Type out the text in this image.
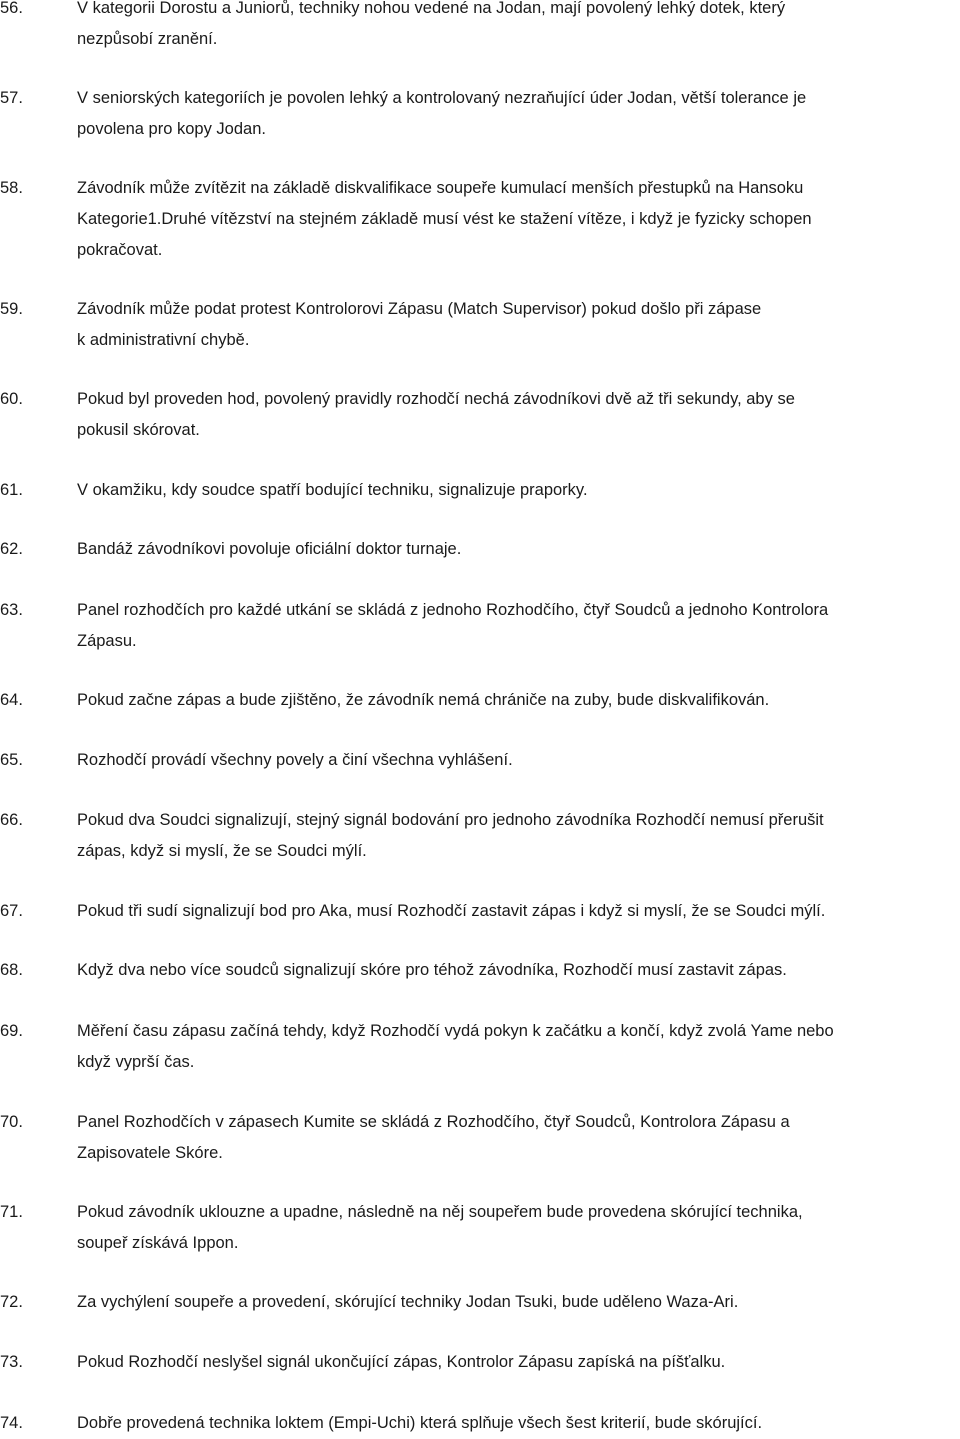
56.	V kategorii Dorostu a Juniorů, techniky nohou vedené na Jodan, mají povolený lehký dotek, který
nezpůsobí zranění.
57.	V seniorských kategoriích je povolen lehký a kontrolovaný nezraňující úder Jodan, větší tolerance je
povolena pro kopy Jodan.
58.	Závodník může zvítězit na základě diskvalifikace soupeře kumulací menších přestupků na Hansoku
Kategorie1.Druhé vítězství na stejném základě musí vést ke stažení vítěze, i když je fyzicky schopen
pokračovat.
59.	Závodník může podat protest Kontrolorovi Zápasu (Match Supervisor) pokud došlo při zápase
k administrativní chybě.
60.	Pokud byl proveden hod, povolený pravidly rozhodčí nechá závodníkovi dvě až tři sekundy, aby se
pokusil skórovat.
61.	V okamžiku, kdy soudce spatří bodující techniku, signalizuje praporky.
62.	Bandáž závodníkovi povoluje oficiální doktor turnaje.
63.	Panel rozhodčích pro každé utkání se skládá z jednoho Rozhodčího, čtyř Soudců a jednoho Kontrolora
Zápasu.
64.	Pokud začne zápas a bude zjištěno, že závodník nemá chrániče na zuby, bude diskvalifikován.
65.	Rozhodčí provádí všechny povely a činí všechna vyhlášení.
66.	Pokud dva Soudci signalizují, stejný signál bodování pro jednoho závodníka Rozhodčí nemusí přerušit
zápas, když si myslí, že se Soudci mýlí.
67.	Pokud tři sudí signalizují bod pro Aka, musí Rozhodčí zastavit zápas i když si myslí, že se Soudci mýlí.
68.	Když dva nebo více soudců signalizují skóre pro téhož závodníka, Rozhodčí musí zastavit zápas.
69.	Měření času zápasu začíná tehdy, když Rozhodčí vydá pokyn k začátku a končí, když zvolá Yame nebo
když vyprší čas.
70.	Panel Rozhodčích v zápasech Kumite se skládá z Rozhodčího, čtyř Soudců, Kontrolora Zápasu a
Zapisovatele Skóre.
71.	Pokud závodník uklouzne a upadne, následně na něj soupeřem bude provedena skórující technika,
soupeř získává Ippon.
72.	Za vychýlení soupeře a provedení, skórující techniky Jodan Tsuki, bude uděleno Waza-Ari.
73.	Pokud Rozhodčí neslyšel signál ukončující zápas, Kontrolor Zápasu zapíská na píšťalku.
74.	Dobře provedená technika loktem (Empi-Uchi) která splňuje všech šest kriterií, bude skórující.
